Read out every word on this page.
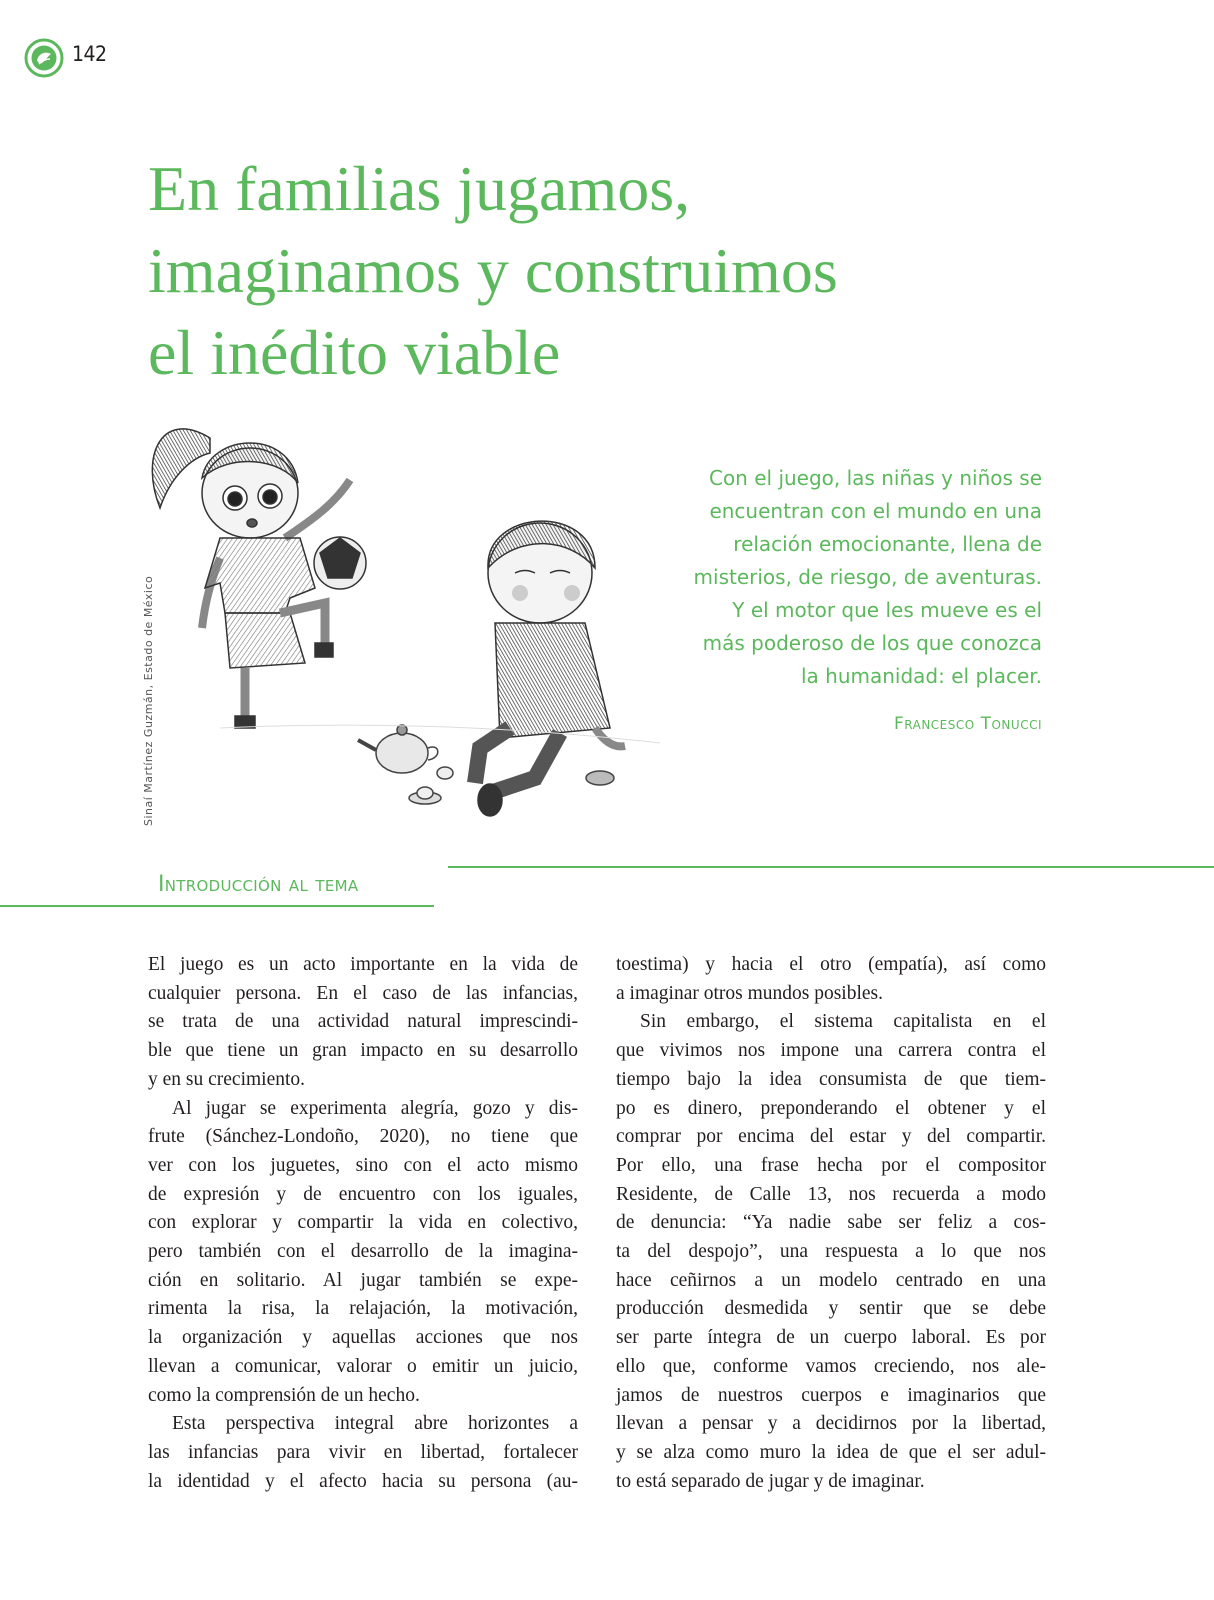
142
En familias jugamos,
imaginamos y construimos
el inédito viable
Sinaí Martínez Guzmán, Estado de México

Con el juego, las niñas y niños se
encuentran con el mundo en una
relación emocionante, llena de
misterios, de riesgo, de aventuras.
Y el motor que les mueve es el
más poderoso de los que conozca
la humanidad: el placer.

Francesco Tonucci
Introducción al tema
El juego es un acto importante en la vida de
cualquier persona. En el caso de las infancias,
se trata de una actividad natural imprescindi-
ble que tiene un gran impacto en su desarrollo
y en su crecimiento.
Al jugar se experimenta alegría, gozo y dis-
frute (Sánchez-Londoño, 2020), no tiene que
ver con los juguetes, sino con el acto mismo
de expresión y de encuentro con los iguales,
con explorar y compartir la vida en colectivo,
pero también con el desarrollo de la imagina-
ción en solitario. Al jugar también se expe-
rimenta la risa, la relajación, la motivación,
la organización y aquellas acciones que nos
llevan a comunicar, valorar o emitir un juicio,
como la comprensión de un hecho.
Esta perspectiva integral abre horizontes a
las infancias para vivir en libertad, fortalecer
la identidad y el afecto hacia su persona (au-
toestima) y hacia el otro (empatía), así como
a imaginar otros mundos posibles.
Sin embargo, el sistema capitalista en el
que vivimos nos impone una carrera contra el
tiempo bajo la idea consumista de que tiem-
po es dinero, preponderando el obtener y el
comprar por encima del estar y del compartir.
Por ello, una frase hecha por el compositor
Residente, de Calle 13, nos recuerda a modo
de denuncia: “Ya nadie sabe ser feliz a cos-
ta del despojo”, una respuesta a lo que nos
hace ceñirnos a un modelo centrado en una
producción desmedida y sentir que se debe
ser parte íntegra de un cuerpo laboral. Es por
ello que, conforme vamos creciendo, nos ale-
jamos de nuestros cuerpos e imaginarios que
llevan a pensar y a decidirnos por la libertad,
y se alza como muro la idea de que el ser adul-
to está separado de jugar y de imaginar.
